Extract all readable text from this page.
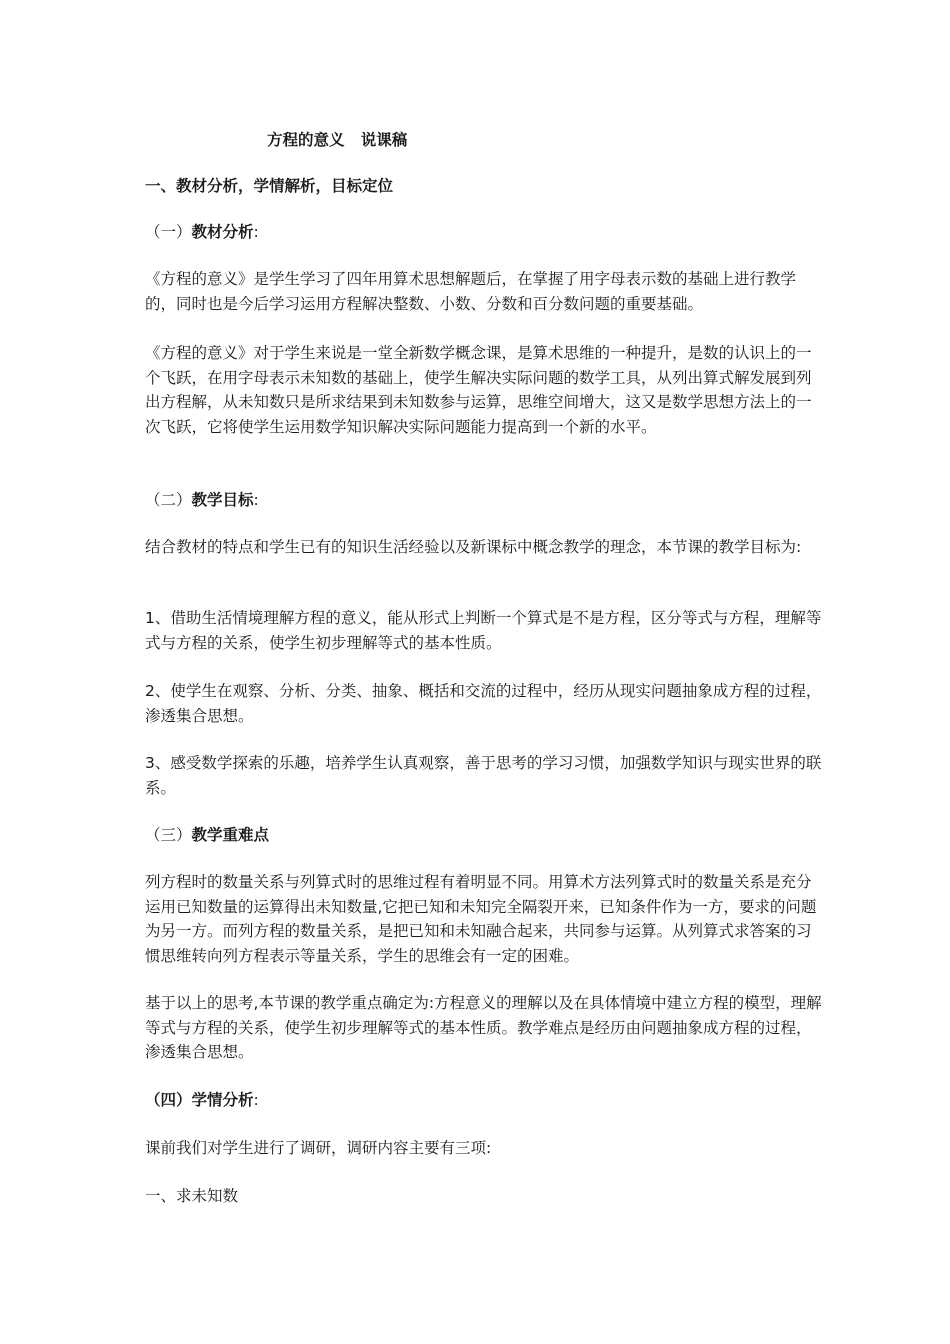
方程的意义   说课稿

一、教材分析，学情解析，目标定位

（一）教材分析:

《方程的意义》是学生学习了四年用算术思想解题后，在掌握了用字母表示数的基础上进行教学的，同时也是今后学习运用方程解决整数、小数、分数和百分数问题的重要基础。

《方程的意义》对于学生来说是一堂全新数学概念课，是算术思维的一种提升，是数的认识上的一个飞跃，在用字母表示未知数的基础上，使学生解决实际问题的数学工具，从列出算式解发展到列出方程解，从未知数只是所求结果到未知数参与运算，思维空间增大，这又是数学思想方法上的一次飞跃，它将使学生运用数学知识解决实际问题能力提高到一个新的水平。

（二）教学目标:

结合教材的特点和学生已有的知识生活经验以及新课标中概念教学的理念，本节课的教学目标为:

1、借助生活情境理解方程的意义，能从形式上判断一个算式是不是方程，区分等式与方程，理解等式与方程的关系，使学生初步理解等式的基本性质。

2、使学生在观察、分析、分类、抽象、概括和交流的过程中，经历从现实问题抽象成方程的过程，渗透集合思想。

3、感受数学探索的乐趣，培养学生认真观察，善于思考的学习习惯，加强数学知识与现实世界的联系。

（三）教学重难点

列方程时的数量关系与列算式时的思维过程有着明显不同。用算术方法列算式时的数量关系是充分运用已知数量的运算得出未知数量,它把已知和未知完全隔裂开来，已知条件作为一方，要求的问题为另一方。而列方程的数量关系，是把已知和未知融合起来，共同参与运算。从列算式求答案的习惯思维转向列方程表示等量关系，学生的思维会有一定的困难。

基于以上的思考,本节课的教学重点确定为:方程意义的理解以及在具体情境中建立方程的模型，理解等式与方程的关系，使学生初步理解等式的基本性质。教学难点是经历由问题抽象成方程的过程，渗透集合思想。

（四）学情分析:

课前我们对学生进行了调研，调研内容主要有三项:

一、求未知数
